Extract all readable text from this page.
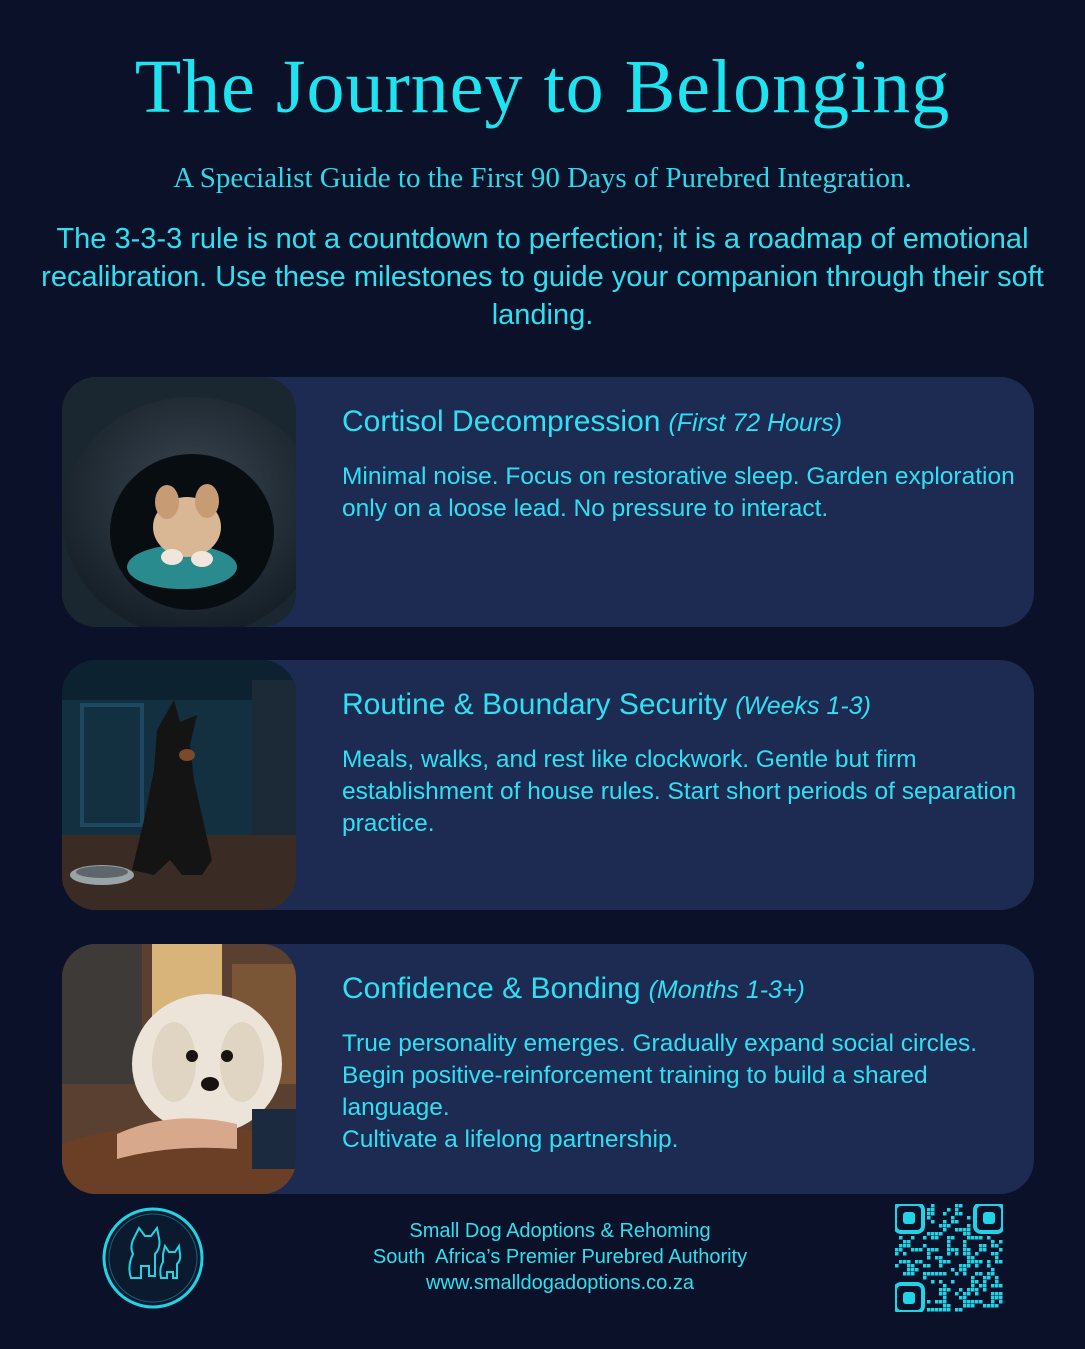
The Journey to Belonging
A Specialist Guide to the First 90 Days of Purebred Integration.
The 3-3-3 rule is not a countdown to perfection; it is a roadmap of emotional recalibration. Use these milestones to guide your companion through their soft landing.
Cortisol Decompression (First 72 Hours)

Minimal noise. Focus on restorative sleep. Garden exploration only on a loose lead. No pressure to interact.

Routine & Boundary Security (Weeks 1-3)

Meals, walks, and rest like clockwork. Gentle but firm establishment of house rules. Start short periods of separation practice.

Confidence & Bonding (Months 1-3+)

True personality emerges. Gradually expand social circles. Begin positive-reinforcement training to build a shared language.

Cultivate a lifelong partnership.

Small Dog Adoptions & Rehoming
South  Africa’s Premier Purebred Authority
www.smalldogadoptions.co.za
